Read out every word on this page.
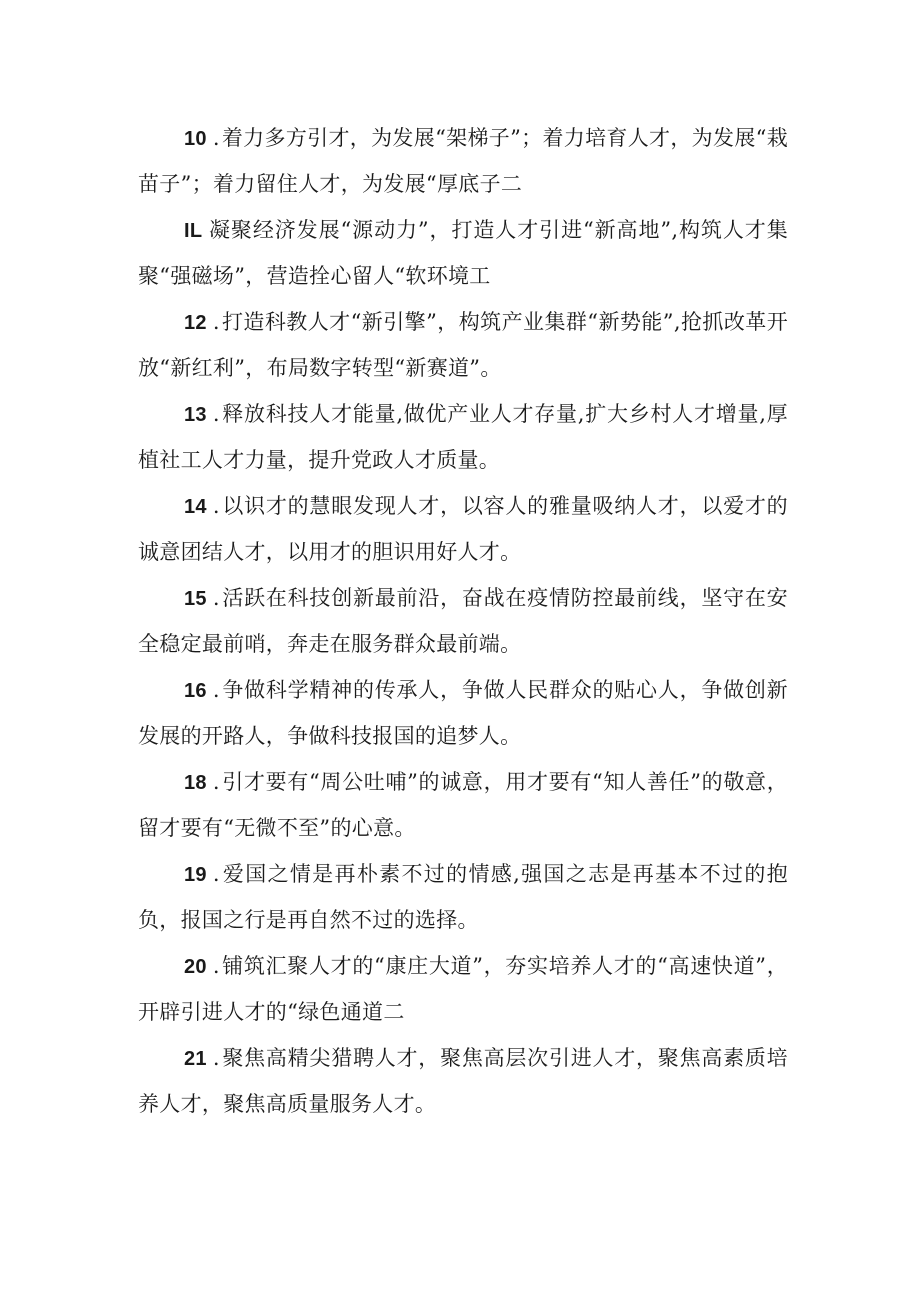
10 .着力多方引才，为发展“架梯子”；着力培育人才，为发展“栽苗子”；着力留住人才，为发展“厚底子二

IL 凝聚经济发展“源动力”，打造人才引进“新高地”,构筑人才集聚“强磁场”，营造拴心留人“软环境工

12 .打造科教人才“新引擎”，构筑产业集群“新势能”,抢抓改革开放“新红利”，布局数字转型“新赛道”。

13 .释放科技人才能量,做优产业人才存量,扩大乡村人才增量,厚植社工人才力量，提升党政人才质量。

14 .以识才的慧眼发现人才，以容人的雅量吸纳人才，以爱才的诚意团结人才，以用才的胆识用好人才。

15 .活跃在科技创新最前沿，奋战在疫情防控最前线，坚守在安全稳定最前哨，奔走在服务群众最前端。

16 .争做科学精神的传承人，争做人民群众的贴心人，争做创新发展的开路人，争做科技报国的追梦人。

18 .引才要有“周公吐哺”的诚意，用才要有“知人善任”的敬意，留才要有“无微不至”的心意。

19 .爱国之情是再朴素不过的情感,强国之志是再基本不过的抱负，报国之行是再自然不过的选择。

20 .铺筑汇聚人才的“康庄大道”，夯实培养人才的“高速快道”，开辟引进人才的“绿色通道二

21 .聚焦高精尖猎聘人才，聚焦高层次引进人才，聚焦高素质培养人才，聚焦高质量服务人才。
